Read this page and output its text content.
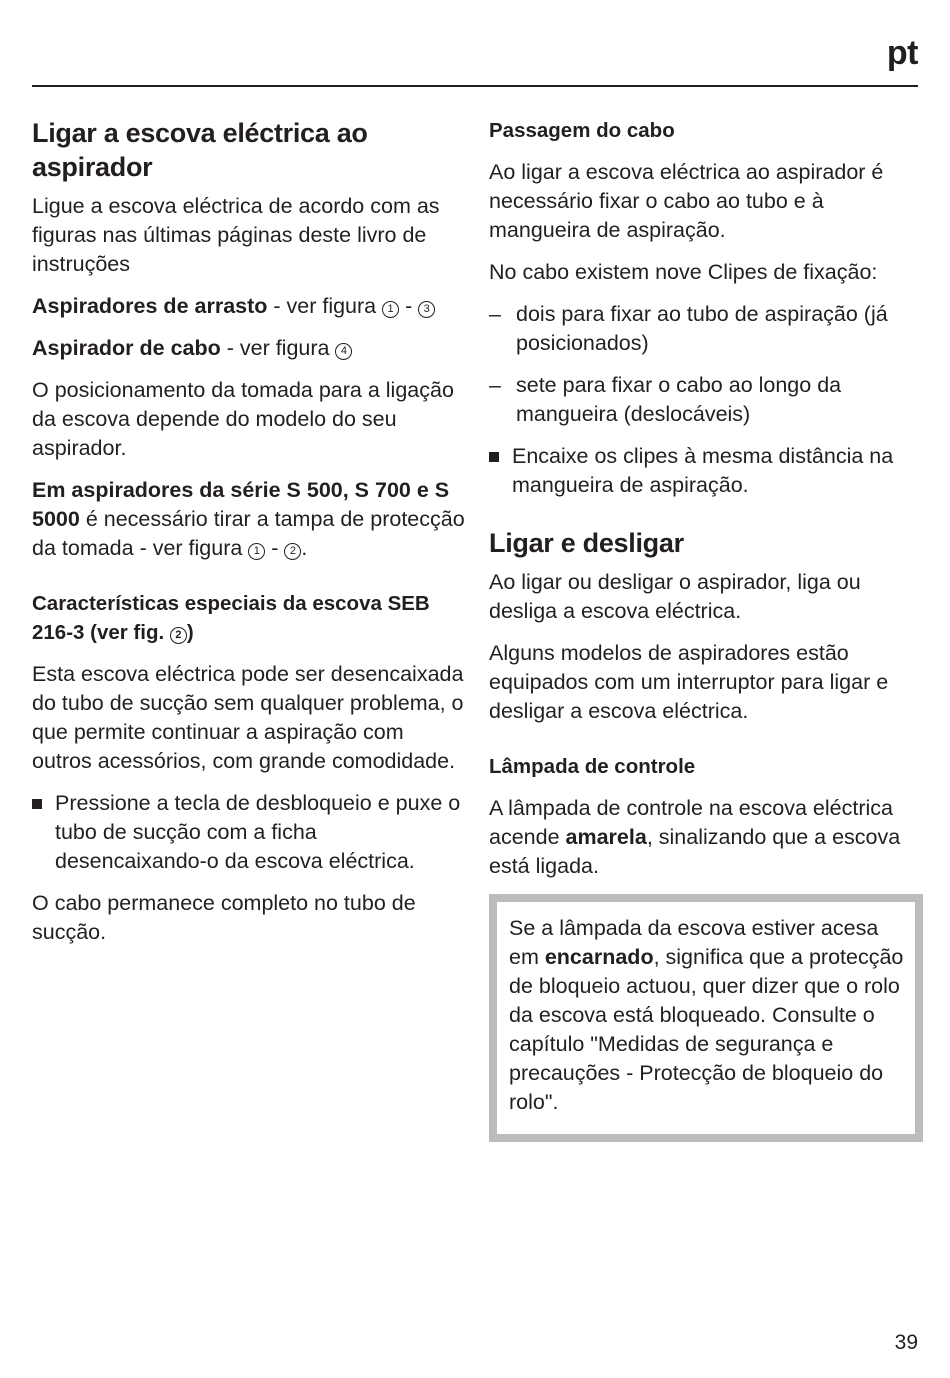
pt
Ligar a escova eléctrica ao aspirador

Ligue a escova eléctrica de acordo com as figuras nas últimas páginas deste livro de instruções

Aspiradores de arrasto - ver figura 1 - 3

Aspirador de cabo - ver figura 4

O posicionamento da tomada para a ligação da escova depende do modelo do seu aspirador.

Em aspiradores da série S 500, S 700 e S 5000 é necessário tirar a tampa de protecção da tomada - ver figura 1 - 2 .

Características especiais da escova SEB 216-3 (ver fig. 2 )

Esta escova eléctrica pode ser desencaixada do tubo de sucção sem qualquer problema, o que permite continuar a aspiração com outros acessórios, com grande comodidade.

Pressione a tecla de desbloqueio e puxe o tubo de sucção com a ficha desencaixando-o da escova eléctrica.

O cabo permanece completo no tubo de sucção.

Passagem do cabo

Ao ligar a escova eléctrica ao aspirador é necessário fixar o cabo ao tubo e à mangueira de aspiração.

No cabo existem nove Clipes de fixação:

– dois para fixar ao tubo de aspiração (já posicionados)
– sete para fixar o cabo ao longo da mangueira (deslocáveis)
Encaixe os clipes à mesma distância na mangueira de aspiração.
Ligar e desligar

Ao ligar ou desligar o aspirador, liga ou desliga a escova eléctrica.

Alguns modelos de aspiradores estão equipados com um interruptor para ligar e desligar a escova eléctrica.

Lâmpada de controle

A lâmpada de controle na escova eléctrica acende amarela, sinalizando que a escova está ligada.

Se a lâmpada da escova estiver acesa em encarnado, significa que a protecção de bloqueio actuou, quer dizer que o rolo da escova está bloqueado. Consulte o capítulo "Medidas de segurança e precauções - Protecção de bloqueio do rolo".

39
